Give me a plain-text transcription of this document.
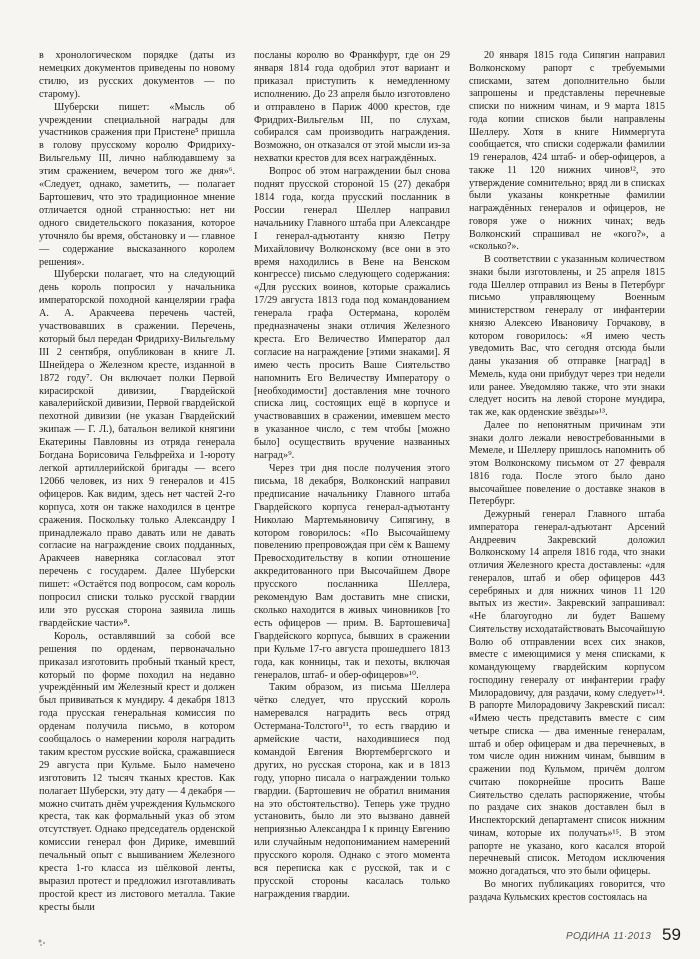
в хронологическом порядке (даты из немецких документов приведены по новому стилю, из русских документов — по старому).

Шуберски пишет: «Мысль об учреждении специальной награды для участников сражения при Пристене⁵ пришла в голову прусскому королю Фридриху-Вильгельму III, лично наблюдавшему за этим сражением, вечером того же дня»⁶. «Следует, однако, заметить, — полагает Бартошевич, что это традиционное мнение отличается одной странностью: нет ни одного свидетельского показания, которое уточняло бы время, обстановку и — главное — содержание высказанного королем решения».

Шуберски полагает, что на следующий день король попросил у начальника императорской походной канцелярии графа А. А. Аракчеева перечень частей, участвовавших в сражении. Перечень, который был передан Фридриху-Вильгельму III 2 сентября, опубликован в книге Л. Шнейдера о Железном кресте, изданной в 1872 году⁷. Он включает полки Первой кирасирской дивизии, Гвардейской кавалерийской дивизии, Первой гвардейской пехотной дивизии (не указан Гвардейский экипаж — Г. Л.), батальон великой княгини Екатерины Павловны из отряда генерала Богдана Борисовича Гельфрейха и 1-юроту легкой артиллерийской бригады — всего 12066 человек, из них 9 генералов и 415 офицеров. Как видим, здесь нет частей 2-го корпуса, хотя он также находился в центре сражения. Поскольку только Александру I принадлежало право давать или не давать согласие на награждение своих подданных, Аракчеев наверняка согласовал этот перечень с государем. Далее Шуберски пишет: «Остаётся под вопросом, сам король попросил списки только русской гвардии или это русская сторона заявила лишь гвардейские части»⁸.

Король, оставлявший за собой все решения по орденам, первоначально приказал изготовить пробный тканый крест, который по форме походил на недавно учреждённый им Железный крест и должен был прививаться к мундиру. 4 декабря 1813 года прусская генеральная комиссия по орденам получила письмо, в котором сообщалось о намерении короля наградить таким крестом русские войска, сражавшиеся 29 августа при Кульме. Было намечено изготовить 12 тысяч тканых крестов. Как полагает Шуберски, эту дату — 4 декабря — можно считать днём учреждения Кульмского креста, так как формальный указ об этом отсутствует. Однако председатель орденской комиссии генерал фон Дирике, имевший печальный опыт с вышиванием Железного креста 1-го класса из шёлковой ленты, выразил протест и предложил изготавливать простой крест из листового металла. Такие кресты были

посланы королю во Франкфурт, где он 29 января 1814 года одобрил этот вариант и приказал приступить к немедленному исполнению. До 23 апреля было изготовлено и отправлено в Париж 4000 крестов, где Фридрих-Вильгельм III, по слухам, собирался сам производить награждения. Возможно, он отказался от этой мысли из-за нехватки крестов для всех награждённых.

Вопрос об этом награждении был снова поднят прусской стороной 15 (27) декабря 1814 года, когда прусский посланник в России генерал Шеллер направил начальнику Главного штаба при Александре I генерал-адъютанту князю Петру Михайловичу Волконскому (все они в это время находились в Вене на Венском конгрессе) письмо следующего содержания: «Для русских воинов, которые сражались 17/29 августа 1813 года под командованием генерала графа Остермана, королём предназначены знаки отличия Железного креста. Его Величество Император дал согласие на награждение [этими знаками]. Я имею честь просить Ваше Сиятельство напомнить Его Величеству Императору о [необходимости] доставления мне точного списка лиц, состоящих ещё в корпусе и участвовавших в сражении, имевшем место в указанное число, с тем чтобы [можно было] осуществить вручение названных наград»⁹.

Через три дня после получения этого письма, 18 декабря, Волконский направил предписание начальнику Главного штаба Гвардейского корпуса генерал-адъютанту Николаю Мартемьяновичу Сипягину, в котором говорилось: «По Высочайшему повелению препровождая при сём к Вашему Превосходительству в копии отношение аккредитованного при Высочайшем Дворе прусского посланника Шеллера, рекомендую Вам доставить мне списки, сколько находится в живых чиновников [то есть офицеров — прим. В. Бартошевича] Гвардейского корпуса, бывших в сражении при Кульме 17-го августа прошедшего 1813 года, как конницы, так и пехоты, включая генералов, штаб- и обер-офицеров»¹⁰.

Таким образом, из письма Шеллера чётко следует, что прусский король намеревался наградить весь отряд Остермана-Толстого¹¹, то есть гвардию и армейские части, находившиеся под командой Евгения Вюртембергского и других, но русская сторона, как и в 1813 году, упорно писала о награждении только гвардии. (Бартошевич не обратил внимания на это обстоятельство). Теперь уже трудно установить, было ли это вызвано давней неприязнью Александра I к принцу Евгению или случайным недопониманием намерений прусского короля. Однако с этого момента вся переписка как с русской, так и с прусской стороны касалась только награждения гвардии.

20 января 1815 года Сипягин направил Волконскому рапорт с требуемыми списками, затем дополнительно были запрошены и представлены перечневые списки по нижним чинам, и 9 марта 1815 года копии списков были направлены Шеллеру. Хотя в книге Ниммергута сообщается, что списки содержали фамилии 19 генералов, 424 штаб- и обер-офицеров, а также 11 120 нижних чинов¹², это утверждение сомнительно; вряд ли в списках были указаны конкретные фамилии награждённых генералов и офицеров, не говоря уже о нижних чинах; ведь Волконский спрашивал не «кого?», а «сколько?».

В соответствии с указанным количеством знаки были изготовлены, и 25 апреля 1815 года Шеллер отправил из Вены в Петербург письмо управляющему Военным министерством генералу от инфантерии князю Алексею Ивановичу Горчакову, в котором говорилось: «Я имею честь уведомить Вас, что сегодня отсюда были даны указания об отправке [наград] в Мемель, куда они прибудут через три недели или ранее. Уведомляю также, что эти знаки следует носить на левой стороне мундира, так же, как орденские звёзды»¹³.

Далее по непонятным причинам эти знаки долго лежали невостребованными в Мемеле, и Шеллеру пришлось напомнить об этом Волконскому письмом от 27 февраля 1816 года. После этого было дано высочайшее повеление о доставке знаков в Петербург.

Дежурный генерал Главного штаба императора генерал-адъютант Арсений Андреевич Закревский доложил Волконскому 14 апреля 1816 года, что знаки отличия Железного креста доставлены: «для генералов, штаб и обер офицеров 443 серебряных и для нижних чинов 11 120 вытых из жести». Закревский запрашивал: «Не благоугодно ли будет Вашему Сиятельству исходатайствовать Высочайшую Волю об отправлении всех сих знаков, вместе с имеющимися у меня списками, к командующему гвардейским корпусом господину генералу от инфантерии графу Милорадовичу, для раздачи, кому следует»¹⁴. В рапорте Милорадовичу Закревский писал: «Имею честь представить вместе с сим четыре списка — два именные генералам, штаб и обер офицерам и два перечневых, в том числе один нижним чинам, бывшим в сражении под Кульмом, причём долгом считаю покорнейше просить Ваше Сиятельство сделать распоряжение, чтобы по раздаче сих знаков доставлен был в Инспекторский департамент список нижним чинам, которые их получать»¹⁵. В этом рапорте не указано, кого касался второй перечневый список. Методом исключения можно догадаться, что это были офицеры.

Во многих публикациях говорится, что раздача Кульмских крестов состоялась на

РОДИНА 11·2013 59
